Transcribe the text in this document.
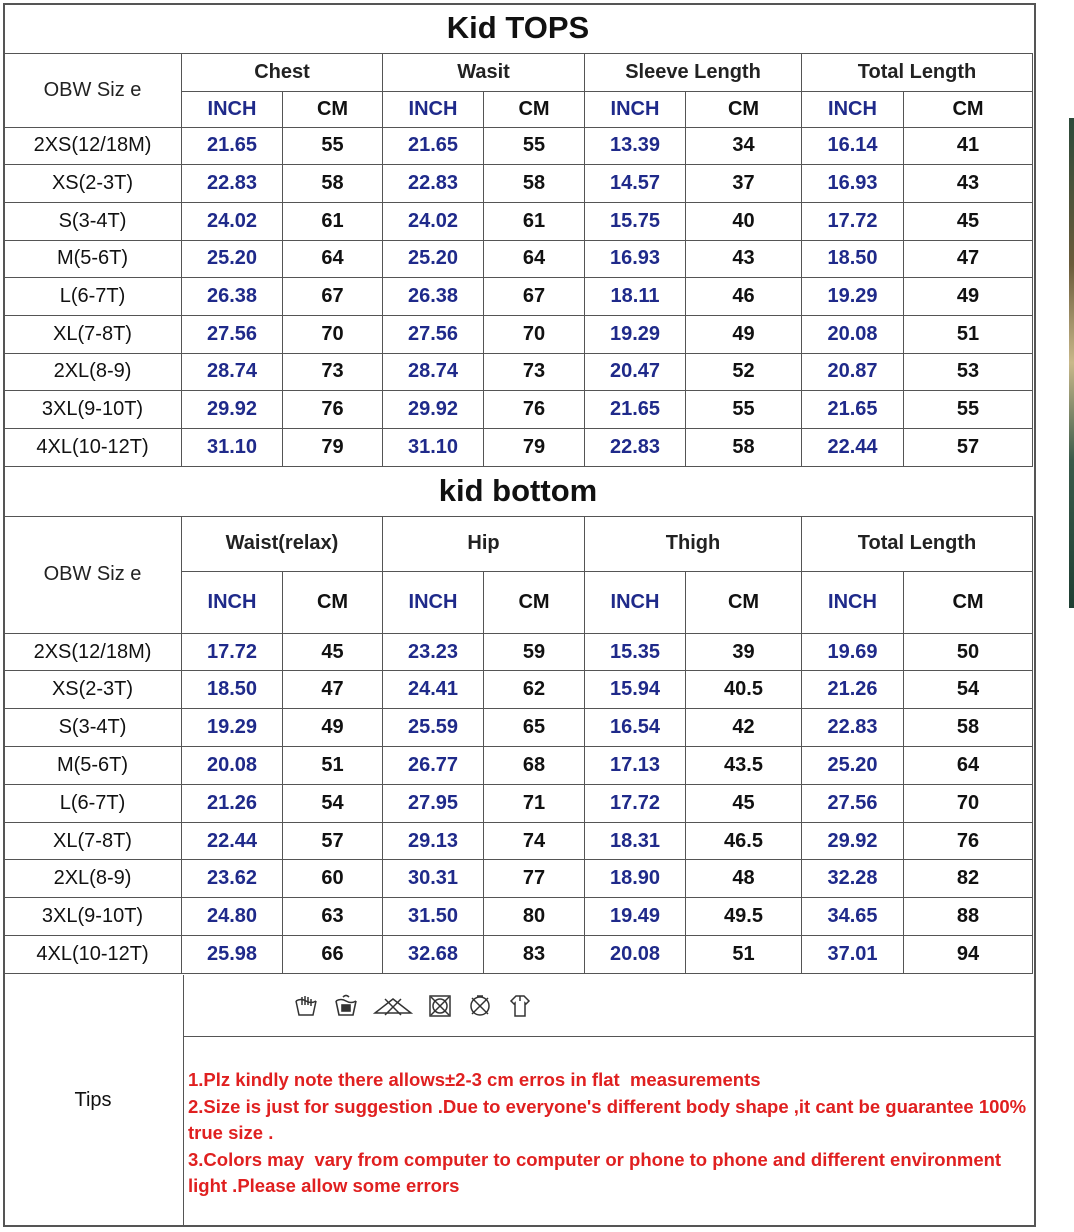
Kid TOPS								
OBW Siz e	Chest		Wasit		Sleeve Length		Total Length	
	INCH	CM	INCH	CM	INCH	CM	INCH	CM
2XS(12/18M)	21.65	55	21.65	55	13.39	34	16.14	41
XS(2-3T)	22.83	58	22.83	58	14.57	37	16.93	43
S(3-4T)	24.02	61	24.02	61	15.75	40	17.72	45
M(5-6T)	25.20	64	25.20	64	16.93	43	18.50	47
L(6-7T)	26.38	67	26.38	67	18.11	46	19.29	49
XL(7-8T)	27.56	70	27.56	70	19.29	49	20.08	51
2XL(8-9)	28.74	73	28.74	73	20.47	52	20.87	53
3XL(9-10T)	29.92	76	29.92	76	21.65	55	21.65	55
4XL(10-12T)	31.10	79	31.10	79	22.83	58	22.44	57
kid bottom								
OBW Siz e	Waist(relax)		Hip		Thigh		Total Length	
	INCH	CM	INCH	CM	INCH	CM	INCH	CM
2XS(12/18M)	17.72	45	23.23	59	15.35	39	19.69	50
XS(2-3T)	18.50	47	24.41	62	15.94	40.5	21.26	54
S(3-4T)	19.29	49	25.59	65	16.54	42	22.83	58
M(5-6T)	20.08	51	26.77	68	17.13	43.5	25.20	64
L(6-7T)	21.26	54	27.95	71	17.72	45	27.56	70
XL(7-8T)	22.44	57	29.13	74	18.31	46.5	29.92	76
2XL(8-9)	23.62	60	30.31	77	18.90	48	32.28	82
3XL(9-10T)	24.80	63	31.50	80	19.49	49.5	34.65	88
4XL(10-12T)	25.98	66	32.68	83	20.08	51	37.01	94
Tips
1.Plz kindly note there allows±2-3 cm erros in flat  measurements
2.Size is just for suggestion .Due to everyone's different body shape ,it cant be guarantee 100% true size .
3.Colors may  vary from computer to computer or phone to phone and different environment light .Please allow some errors
